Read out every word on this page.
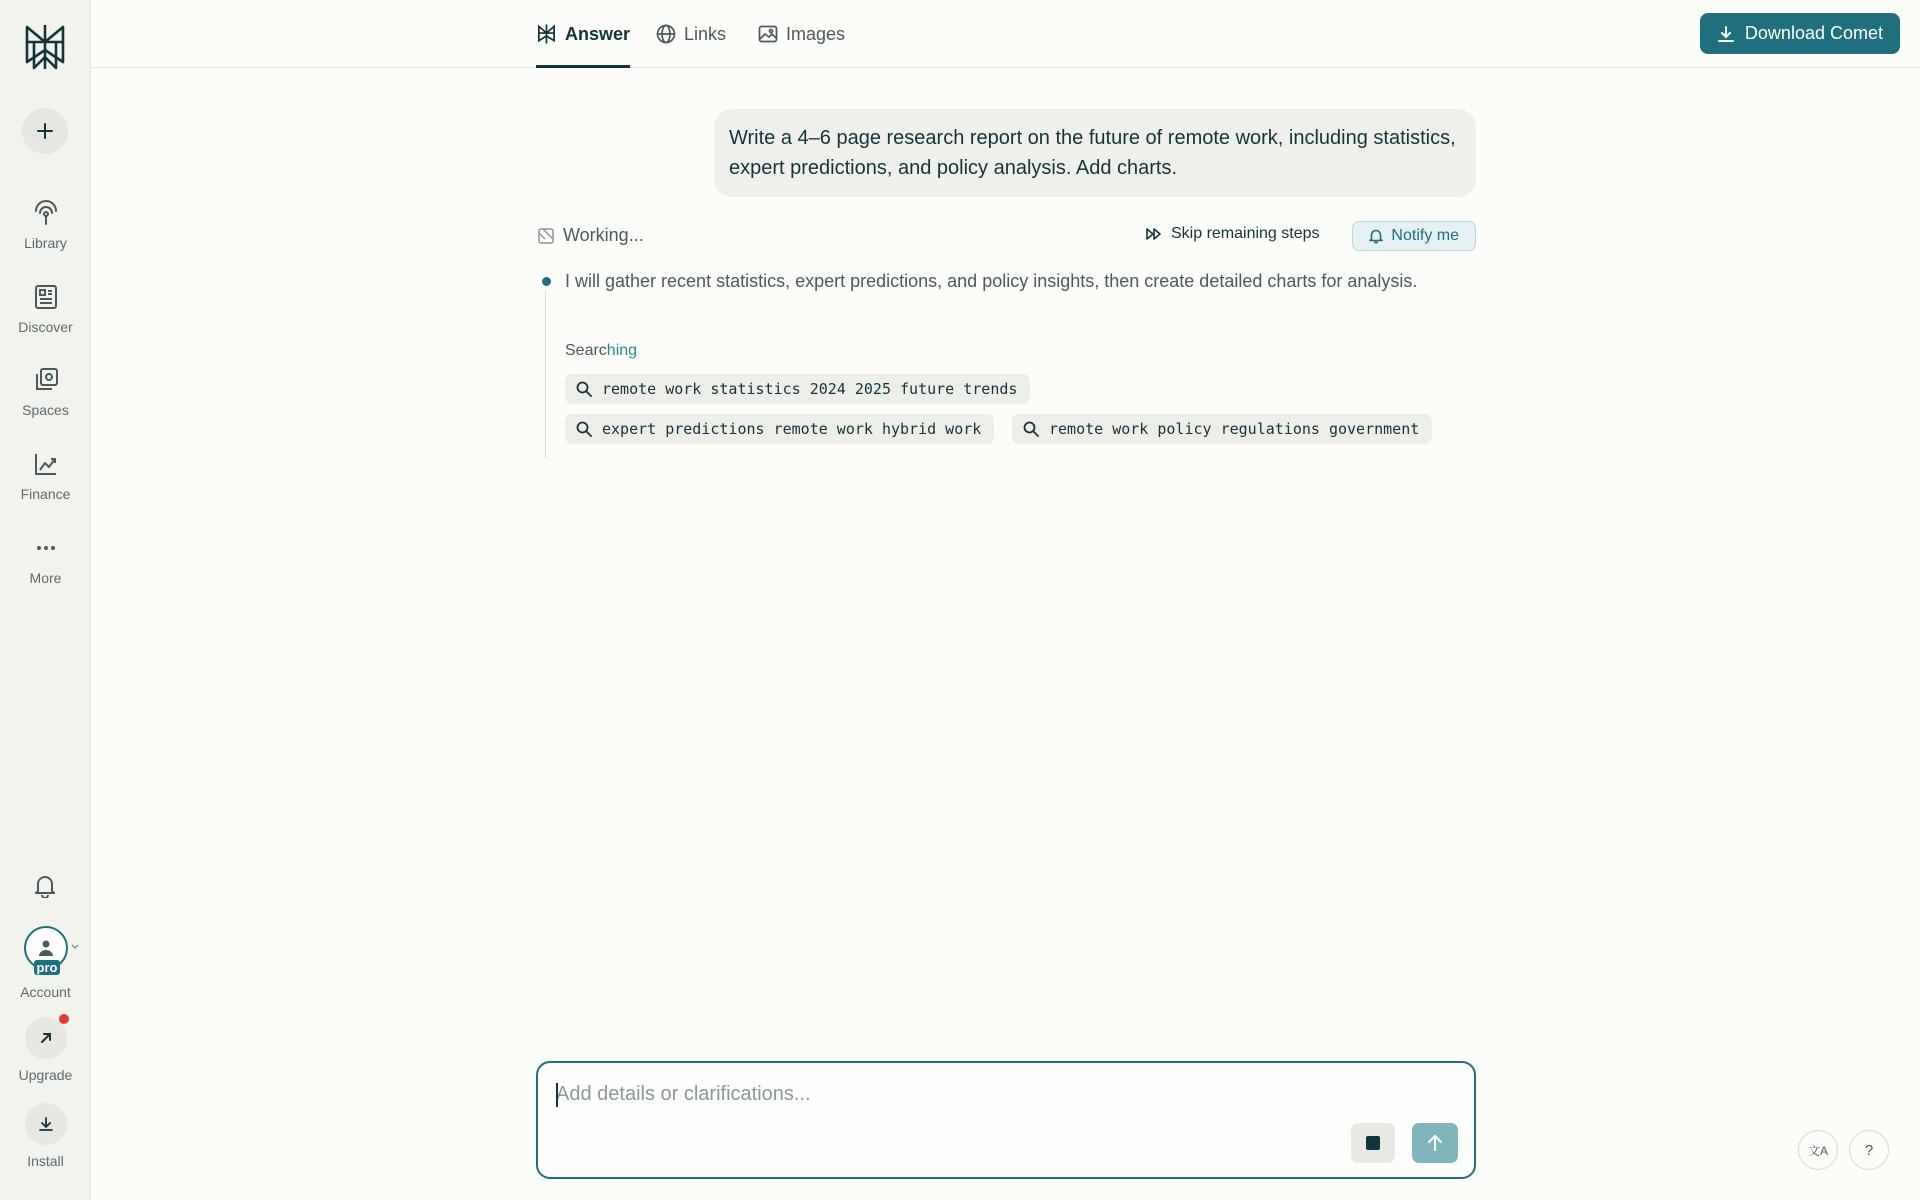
Library
Discover
Spaces
Finance
More
pro
Account
Upgrade
Install
Answer	Links	Images	Download Comet
Write a 4–6 page research report on the future of remote work, including statistics, expert predictions, and policy analysis. Add charts.
Working...	Skip remaining steps	Notify me
I will gather recent statistics, expert predictions, and policy insights, then create detailed charts for analysis.
Searching
remote work statistics 2024 2025 future trends
expert predictions remote work hybrid work	remote work policy regulations government
Add details or clarifications...
文A ?
